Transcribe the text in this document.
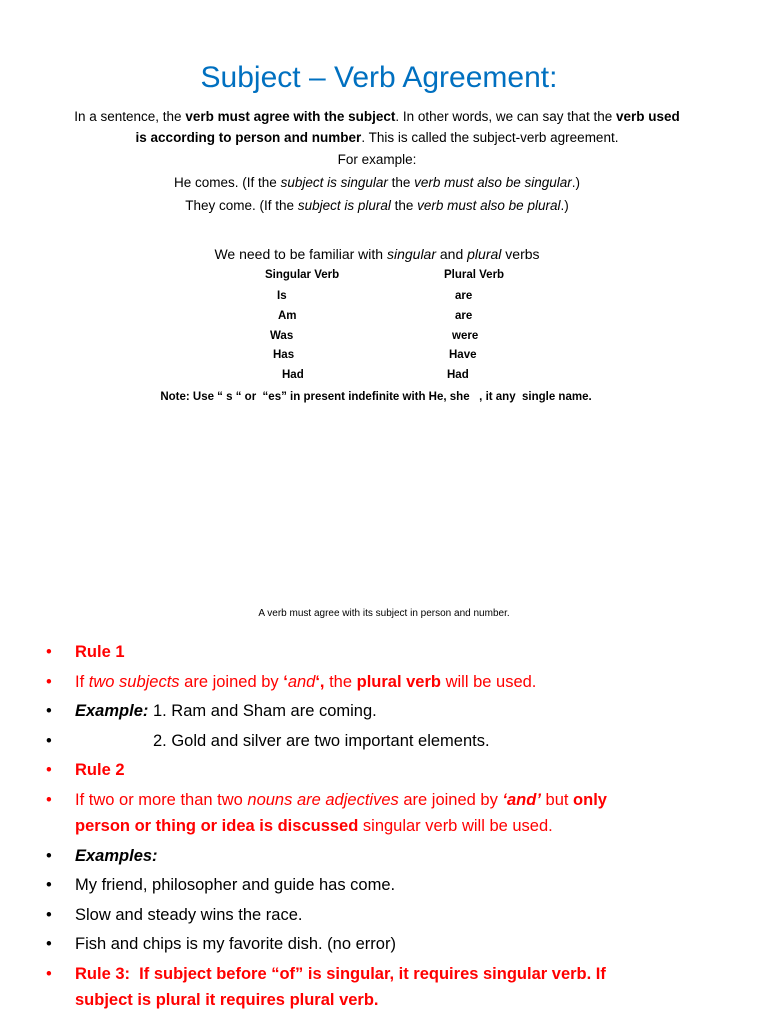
Subject – Verb Agreement:
In a sentence, the verb must agree with the subject. In other words, we can say that the verb used
is according to person and number. This is called the subject-verb agreement.
For example:
He comes. (If the subject is singular the verb must also be singular.)
They come. (If the subject is plural the verb must also be plural.)
We need to be familiar with singular and plural verbs
Singular Verb	Plural Verb
Is	are
Am	are
Was	were
Has	Have
Had	Had
Note: Use “ s “ or  “es” in present indefinite with He, she   , it any  single name.
A verb must agree with its subject in person and number.
• Rule 1
• If two subjects are joined by ‘and‘, the plural verb will be used.
• Example: 1. Ram and Sham are coming.
• 2. Gold and silver are two important elements.
• Rule 2
• If two or more than two nouns are adjectives are joined by ‘and’ but only
person or thing or idea is discussed singular verb will be used.
• Examples:
• My friend, philosopher and guide has come.
• Slow and steady wins the race.
• Fish and chips is my favorite dish. (no error)
• Rule 3:  If subject before “of” is singular, it requires singular verb. If
subject is plural it requires plural verb.
